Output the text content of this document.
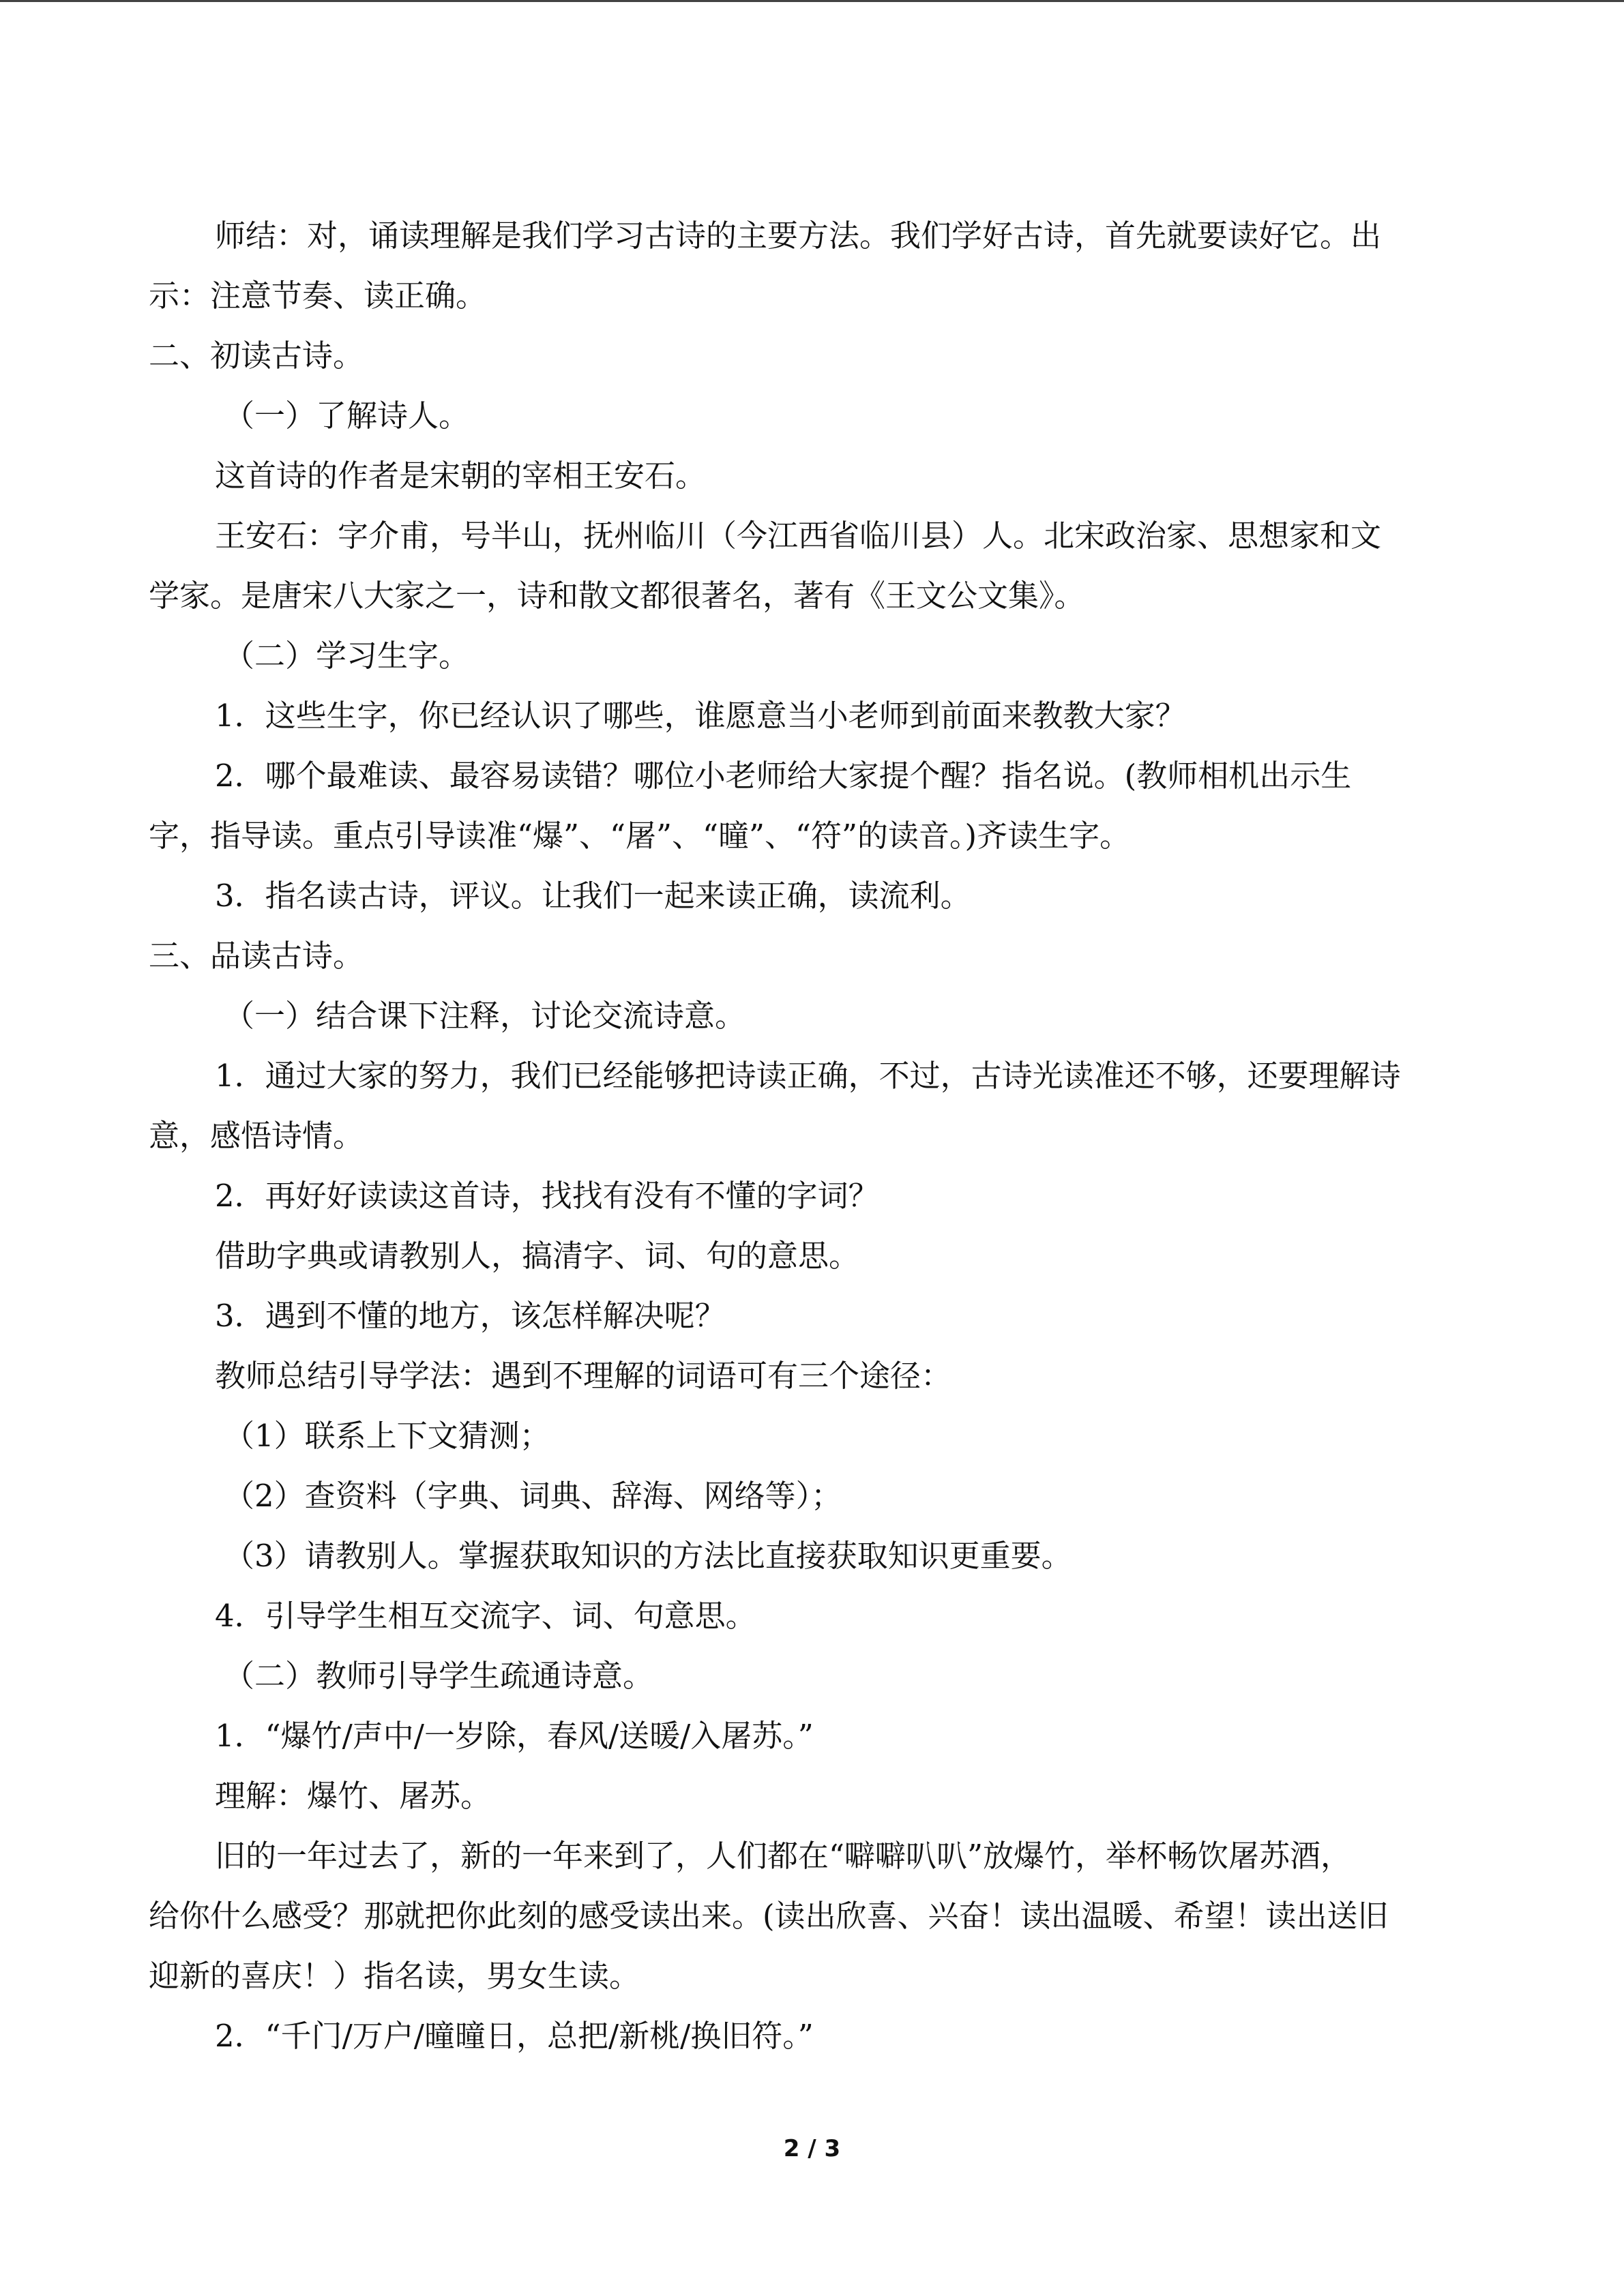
师结：对，诵读理解是我们学习古诗的主要方法。我们学好古诗，首先就要读好它。出
示：注意节奏、读正确。
二、初读古诗。
（一）了解诗人。
这首诗的作者是宋朝的宰相王安石。
王安石：字介甫，号半山，抚州临川（今江西省临川县）人。北宋政治家、思想家和文
学家。是唐宋八大家之一，诗和散文都很著名，著有《王文公文集》。
（二）学习生字。
1．这些生字，你已经认识了哪些，谁愿意当小老师到前面来教教大家？
2．哪个最难读、最容易读错？哪位小老师给大家提个醒？指名说。(教师相机出示生
字，指导读。重点引导读准“爆”、“屠”、“曈”、“符”的读音。)齐读生字。
3．指名读古诗，评议。让我们一起来读正确，读流利。
三、品读古诗。
（一）结合课下注释，讨论交流诗意。
1．通过大家的努力，我们已经能够把诗读正确，不过，古诗光读准还不够，还要理解诗
意，感悟诗情。
2．再好好读读这首诗，找找有没有不懂的字词？
借助字典或请教别人，搞清字、词、句的意思。
3．遇到不懂的地方，该怎样解决呢？
教师总结引导学法：遇到不理解的词语可有三个途径：
（1）联系上下文猜测；
（2）查资料（字典、词典、辞海、网络等）；
（3）请教别人。掌握获取知识的方法比直接获取知识更重要。
4．引导学生相互交流字、词、句意思。
（二）教师引导学生疏通诗意。
1．“爆竹/声中/一岁除，春风/送暖/入屠苏。”
理解：爆竹、屠苏。
旧的一年过去了，新的一年来到了，人们都在“噼噼叭叭”放爆竹，举杯畅饮屠苏酒，
给你什么感受？那就把你此刻的感受读出来。(读出欣喜、兴奋！读出温暖、希望！读出送旧
迎新的喜庆！）指名读，男女生读。
2．“千门/万户/曈曈日，总把/新桃/换旧符。”
2 / 3
